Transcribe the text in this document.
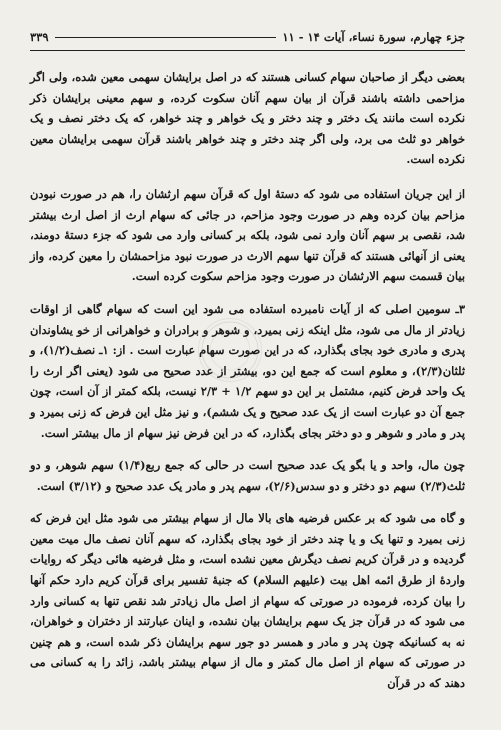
جزء چهارم، سورة نساء، آیات ۱۴ - ۱۱
۳۳۹

بعضی دیگر از صاحبان سهام کسانی هستند که در اصل برایشان سهمی معین شده، ولی اگر مزاحمی داشته باشند قرآن از بیان سهم آنان سکوت کرده، و سهم معینی برایشان ذکر نکرده است مانند یک دختر و چند دختر و یک خواهر و چند خواهر، که یک دختر نصف و یک خواهر دو ثلث می برد، ولی اگر چند دختر و چند خواهر باشند قرآن سهمی برایشان معین نکرده است.

از این جریان استفاده می شود که دستهٔ اول که قرآن سهم ارثشان را، هم در صورت نبودن مزاحم بیان کرده وهم در صورت وجود مزاحم، در جائی که سهام ارث از اصل ارث بیشتر شد، نقصی بر سهم آنان وارد نمی شود، بلکه بر کسانی وارد می شود که جزء دستهٔ دومند، یعنی از آنهائی هستند که قرآن تنها سهم الارث در صورت نبود مزاحمشان را معین کرده، واز بیان قسمت سهم الارثشان در صورت وجود مزاحم سکوت کرده است.

۳ـ سومین اصلی که از آیات نامبرده استفاده می شود این است که سهام گاهی از اوقات زیادتر از مال می شود، مثل اینکه زنی بمیرد، و شوهر و برادران و خواهرانی از خو یشاوندان پدری و مادری خود بجای بگذارد، که در این صورت سهام عبارت است . از: ۱ـ نصف(۱/۲)، و ثلثان(۲/۳)، و معلوم است که جمع این دو، بیشتر از عدد صحیح می شود (یعنی اگر ارث را یک واحد فرض کنیم، مشتمل بر این دو سهم ۱/۲ + ۲/۳ نیست، بلکه کمتر از آن است، چون جمع آن دو عبارت است از یک عدد صحیح و یک ششم)، و نیز مثل این فرض که زنی بمیرد و پدر و مادر و شوهر و دو دختر بجای بگذارد، که در این فرض نیز سهام از مال بیشتر است.

چون مال، واحد و یا بگو یک عدد صحیح است در حالی که جمع ربع(۱/۴) سهم شوهر، و دو ثلث(۲/۳) سهم دو دختر و دو سدس(۲/۶)، سهم پدر و مادر یک عدد صحیح و (۳/۱۲) است.

و گاه می شود که بر عکس فرضیه های بالا مال از سهام بیشتر می شود مثل این فرض که زنی بمیرد و تنها یک و یا چند دختر از خود بجای بگذارد، که سهم آنان نصف مال میت معین گردیده و در قرآن کریم نصف دیگرش معین نشده است، و مثل فرضیه هائی دیگر که روایات واردهٔ از طرق ائمه اهل بیت (علیهم السلام) که جنبهٔ تفسیر برای قرآن کریم دارد حکم آنها را بیان کرده، فرموده در صورتی که سهام از اصل مال زیادتر شد نقص تنها به کسانی وارد می شود که در قرآن جز یک سهم برایشان بیان نشده، و اینان عبارتند از دختران و خواهران، نه به کسانیکه چون پدر و مادر و همسر دو جور سهم برایشان ذکر شده است، و هم چنین در صورتی که سهام از اصل مال کمتر و مال از سهام بیشتر باشد، زائد را به کسانی می دهند که در قرآن
